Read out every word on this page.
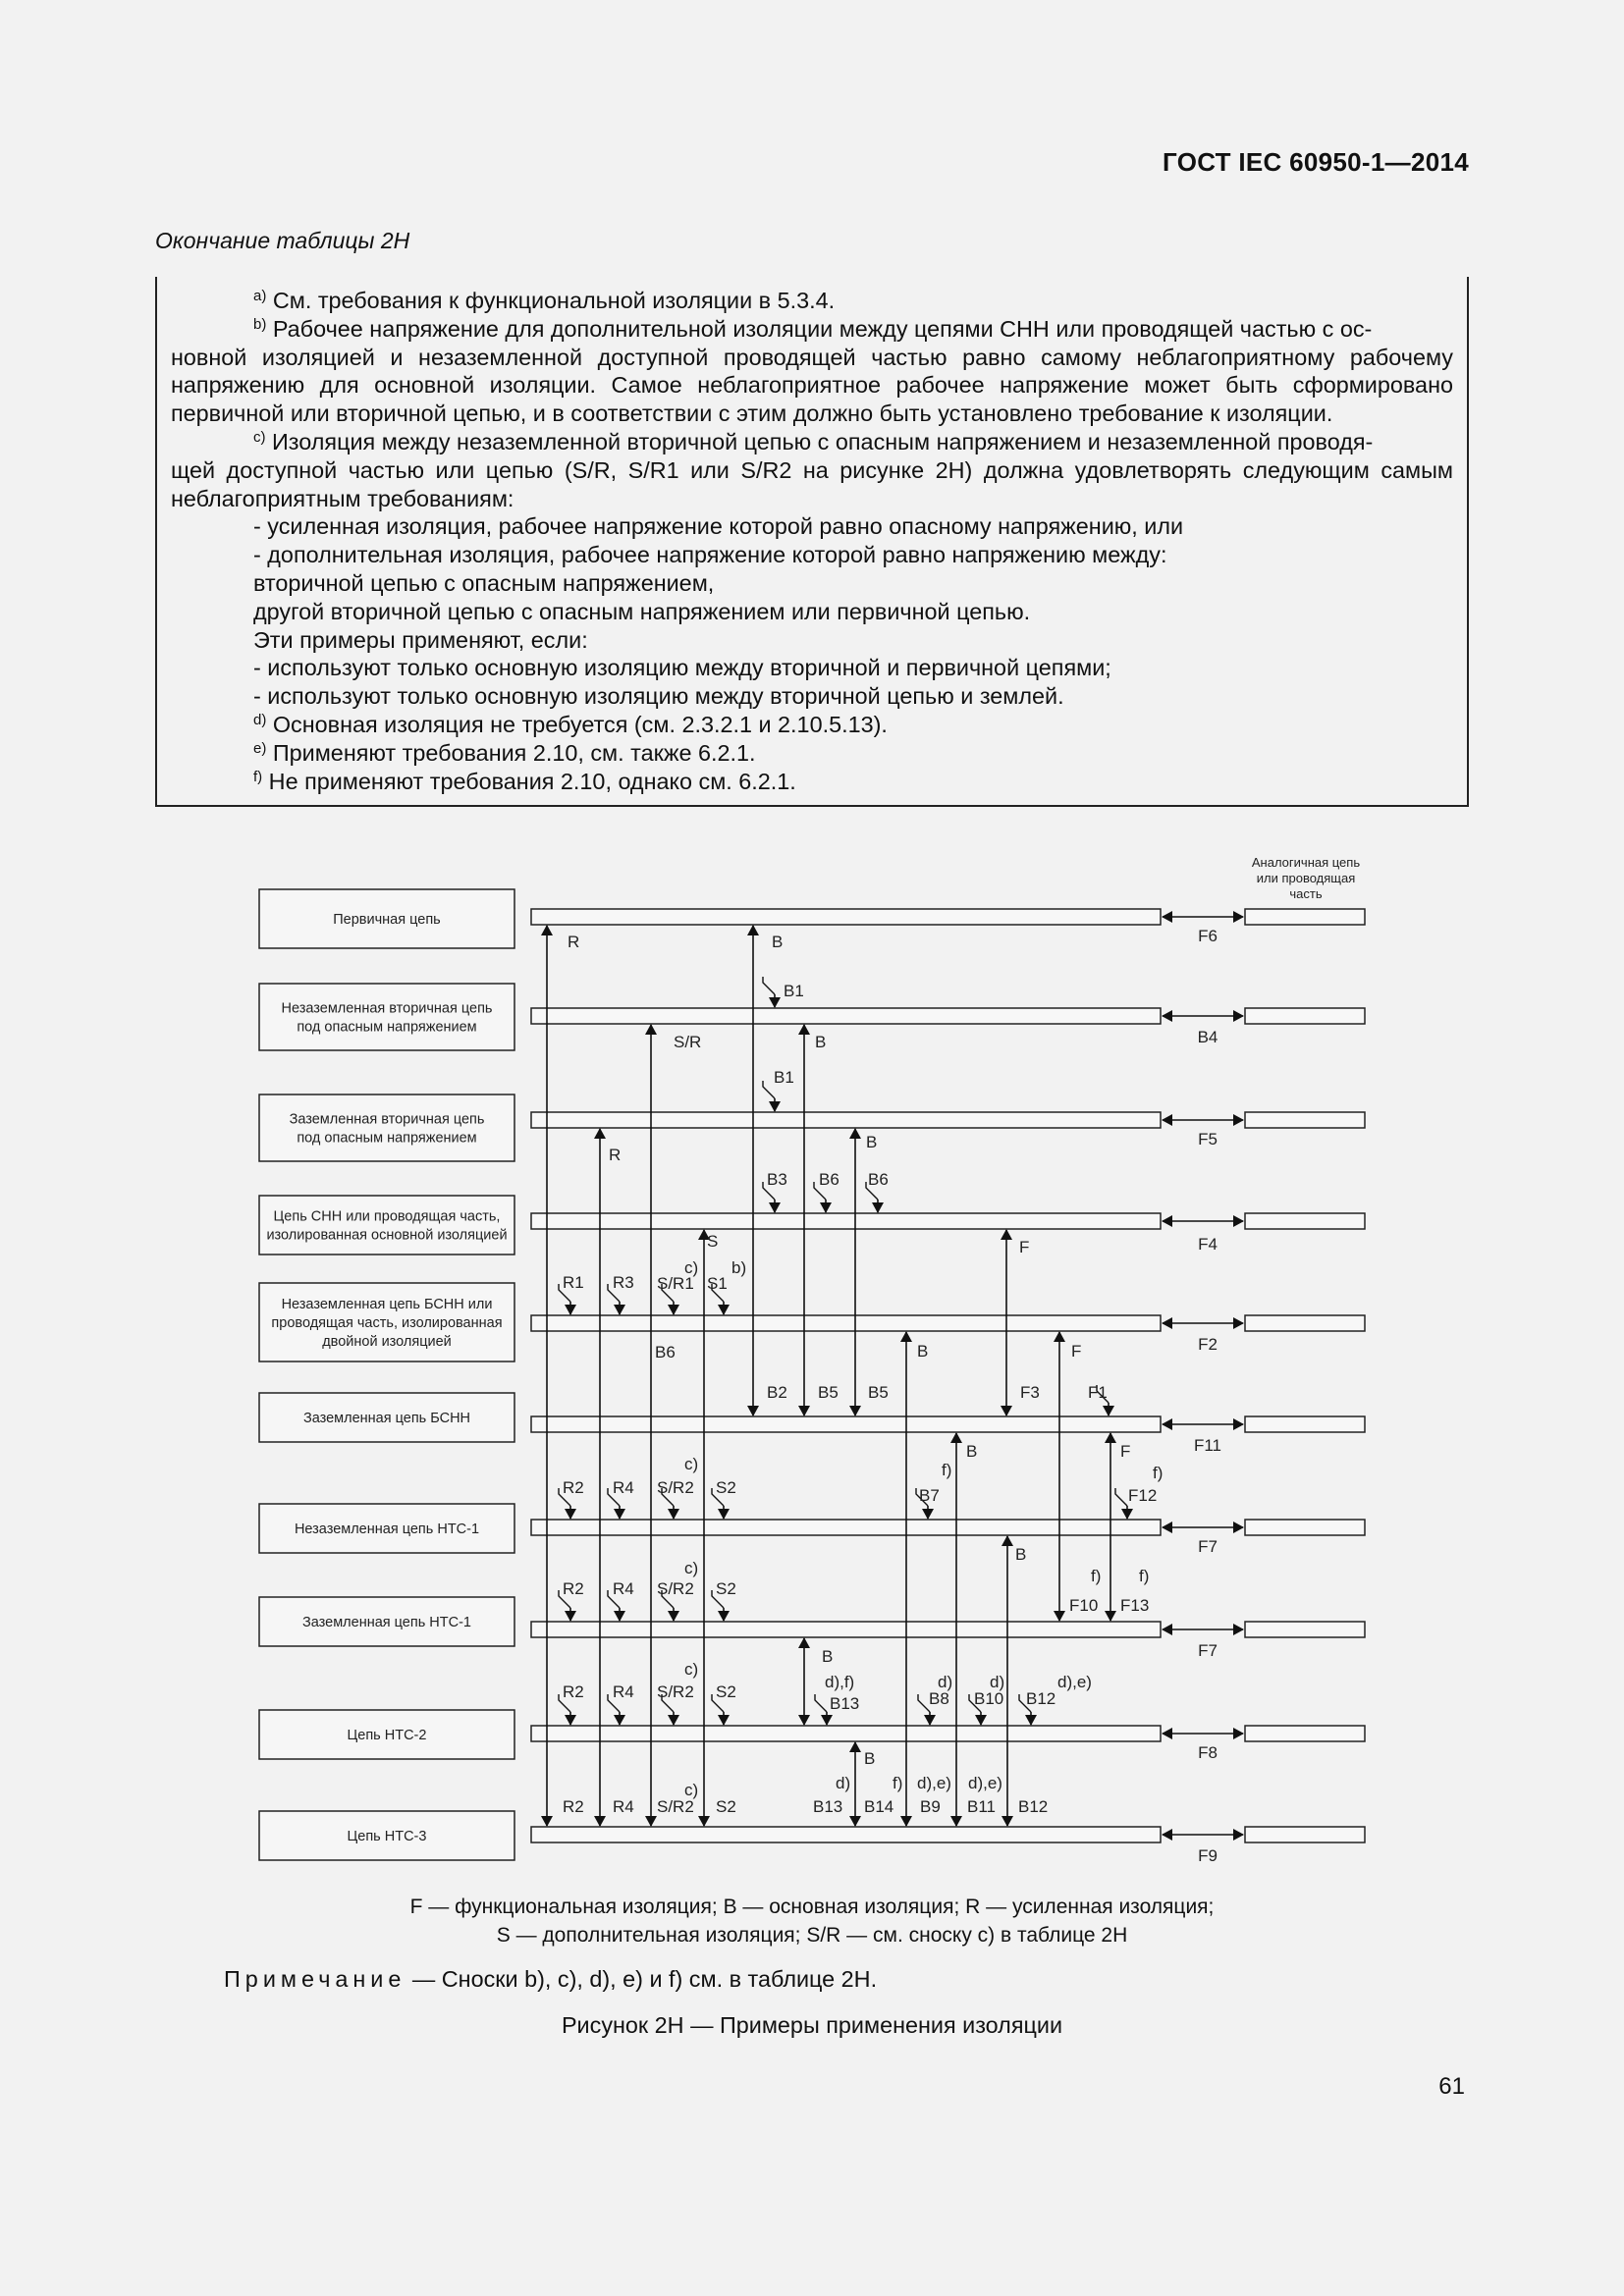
ГОСТ IEC 60950-1—2014
Окончание таблицы 2Н

$^{a)}$ См. требования к функциональной изоляции в 5.3.4.

$^{b)}$ Рабочее напряжение для дополнительной изоляции между цепями СНН или проводящей частью с ос-

новной изоляцией и незаземленной доступной проводящей частью равно самому неблагоприятному рабочему напряжению для основной изоляции. Самое неблагоприятное рабочее напряжение может быть сформировано первичной или вторичной цепью, и в соответствии с этим должно быть установлено требование к изоляции.

$^{c)}$ Изоляция между незаземленной вторичной цепью с опасным напряжением и незаземленной проводя-

щей доступной частью или цепью (S/R, S/R1 или S/R2 на рисунке 2Н) должна удовлетворять следующим самым неблагоприятным требованиям:

- усиленная изоляция, рабочее напряжение которой равно опасному напряжению, или

- дополнительная изоляция, рабочее напряжение которой равно напряжению между:

вторичной цепью с опасным напряжением,

другой вторичной цепью с опасным напряжением или первичной цепью.

Эти примеры применяют, если:

- используют только основную изоляцию между вторичной и первичной цепями;

- используют только основную изоляцию между вторичной цепью и землей.

$^{d)}$ Основная изоляция не требуется (см. 2.3.2.1 и 2.10.5.13).

$^{e)}$ Применяют требования 2.10, см. также 6.2.1.

$^{f)}$ Не применяют требования 2.10, однако см. 6.2.1.

Аналогичная цепь
или проводящая
часть
Первичная цепь
F6
Незаземленная вторичная цепь
под опасным напряжением
B4
Заземленная вторичная цепь
под опасным напряжением	F5
Цепь СНН или проводящая часть,
изолированная основной изоляцией	F4
Незаземленная цепь БСНН или
проводящая часть, изолированная
двойной изоляцией	F2
Заземленная цепь БСНН
F11
Незаземленная цепь НТС-1
F7
Заземленная цепь НТС-1
F7
Цепь НТС-2
F8
Цепь НТС-3
F9
R	B
B1
S/R	B
B1
R
B
B3 B6 B6
S	F
R1 R3
c)
S/R1 S1
b)
B6	B	F
B2 B5 B5	F3	F1
B	F
f)	f)
R2 R4
c)
S/R2 S2	B7	F12
B
c)
R2 R4 S/R2 S2
f) f)
F10 F13
B
c)
d),f)	d) d)	d),e)
R2 R4 S/R2 S2
B13	B8 B10 B12
B
c)	d)	f) d),e) d),e)
R2 R4 S/R2 S2	B13 B14 B9 B11 B12
F — функциональная изоляция; B — основная изоляция; R — усиленная изоляция;
S — дополнительная изоляция; S/R — см. сноску c) в таблице 2Н
Примечание — Сноски b), c), d), e) и f) см. в таблице 2Н.
Рисунок 2Н — Примеры применения изоляции
61
